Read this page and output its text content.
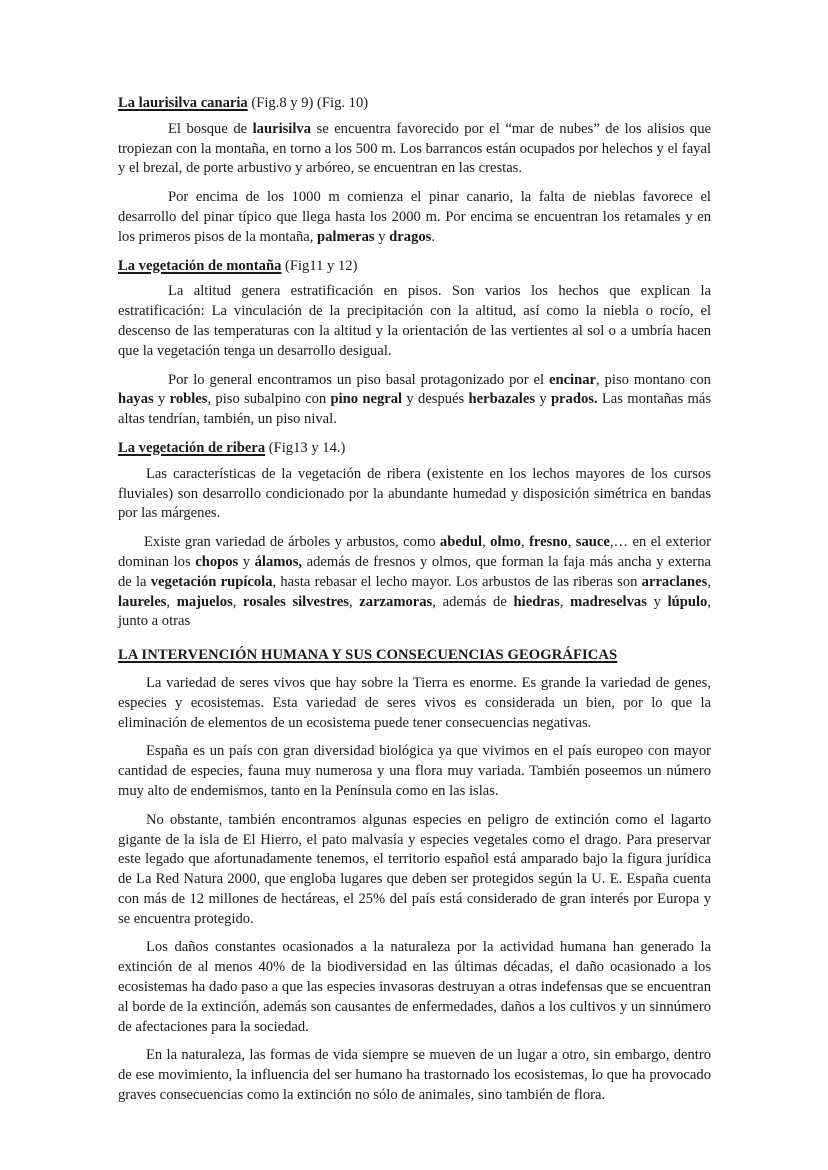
La laurisilva canaria (Fig.8 y 9) (Fig. 10)

El bosque de laurisilva se encuentra favorecido por el “mar de nubes” de los alisios que tropiezan con la montaña, en torno a los 500 m. Los barrancos están ocupados por helechos y el fayal y el brezal, de porte arbustivo y arbóreo, se encuentran en las crestas.

Por encima de los 1000 m comienza el pinar canario, la falta de nieblas favorece el desarrollo del pinar típico que llega hasta los 2000 m. Por encima se encuentran los retamales y en los primeros pisos de la montaña, palmeras y dragos.

La vegetación de montaña (Fig11 y 12)

La altitud genera estratificación en pisos. Son varios los hechos que explican la estratificación: La vinculación de la precipitación con la altitud, así como la niebla o rocío, el descenso de las temperaturas con la altitud y la orientación de las vertientes al sol o a umbría hacen que la vegetación tenga un desarrollo desigual.

Por lo general encontramos un piso basal protagonizado por el encinar, piso montano con hayas y robles, piso subalpino con pino negral y después herbazales y prados. Las montañas más altas tendrían, también, un piso nival.

La vegetación de ribera (Fig13 y 14.)

Las características de la vegetación de ribera (existente en los lechos mayores de los cursos fluviales) son desarrollo condicionado por la abundante humedad y disposición simétrica en bandas por las márgenes.

Existe gran variedad de árboles y arbustos, como abedul, olmo, fresno, sauce,… en el exterior dominan los chopos y álamos, además de fresnos y olmos, que forman la faja más ancha y externa de la vegetación rupícola, hasta rebasar el lecho mayor. Los arbustos de las riberas son arraclanes, laureles, majuelos, rosales silvestres, zarzamoras, además de hiedras, madreselvas y lúpulo, junto a otras

LA INTERVENCIÓN HUMANA Y SUS CONSECUENCIAS GEOGRÁFICAS

La variedad de seres vivos que hay sobre la Tierra es enorme. Es grande la variedad de genes, especies y ecosistemas. Esta variedad de seres vivos es considerada un bien, por lo que la eliminación de elementos de un ecosistema puede tener consecuencias negativas.

España es un país con gran diversidad biológica ya que vivimos en el país europeo con mayor cantidad de especies, fauna muy numerosa y una flora muy variada. También poseemos un número muy alto de endemismos, tanto en la Península como en las islas.

No obstante, también encontramos algunas especies en peligro de extinción como el lagarto gigante de la isla de El Hierro, el pato malvasía y especies vegetales como el drago. Para preservar este legado que afortunadamente tenemos, el territorio español está amparado bajo la figura jurídica de La Red Natura 2000, que engloba lugares que deben ser protegidos según la U. E. España cuenta con más de 12 millones de hectáreas, el 25% del país está considerado de gran interés por Europa y se encuentra protegido.

Los daños constantes ocasionados a la naturaleza por la actividad humana han generado la extinción de al menos 40% de la biodiversidad en las últimas décadas, el daño ocasionado a los ecosistemas ha dado paso a que las especies invasoras destruyan a otras indefensas que se encuentran al borde de la extinción, además son causantes de enfermedades, daños a los cultivos y un sinnúmero de afectaciones para la sociedad.

En la naturaleza, las formas de vida siempre se mueven de un lugar a otro, sin embargo, dentro de ese movimiento, la influencia del ser humano ha trastornado los ecosistemas, lo que ha provocado graves consecuencias como la extinción no sólo de animales, sino también de flora.
